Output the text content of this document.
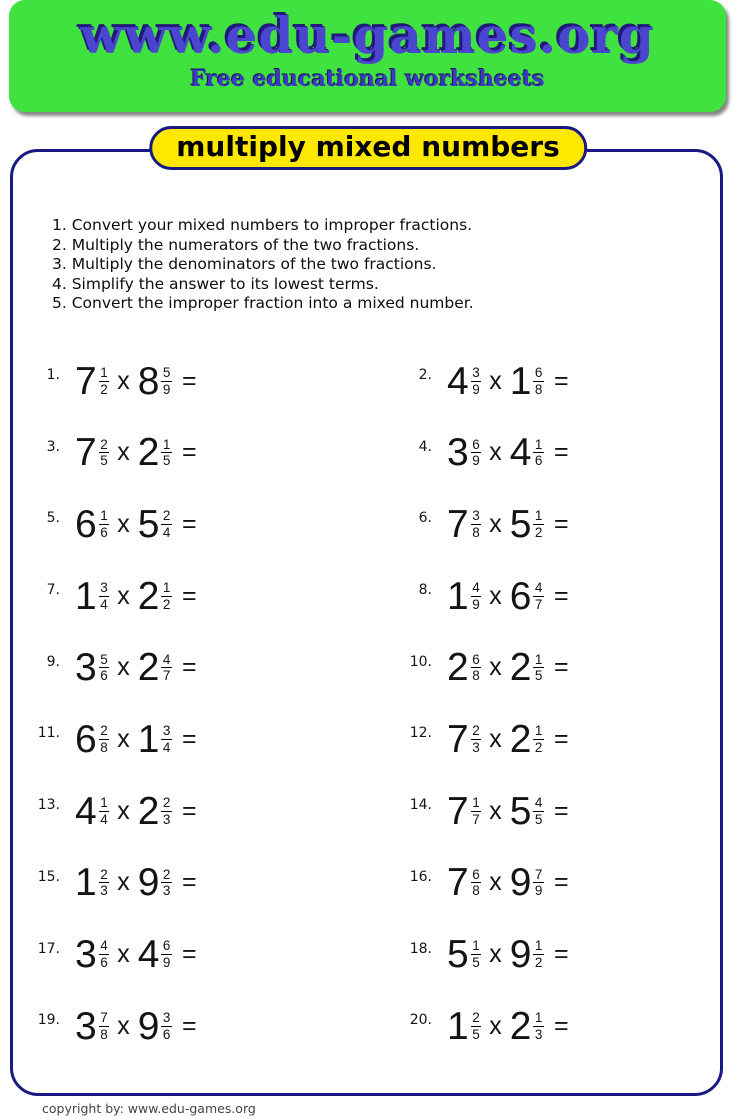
www.edu-games.org
Free educational worksheets
multiply mixed numbers
1. Convert your mixed numbers to improper fractions.
2. Multiply the numerators of the two fractions.
3. Multiply the denominators of the two fractions.
4. Simplify the answer to its lowest terms.
5. Convert the improper fraction into a mixed number.
1. $7 \frac{1}{2}$ x $8 \frac{5}{9}$ =	2. $4 \frac{3}{9}$ x $1 \frac{6}{8}$ =
3. $7 \frac{2}{5}$ x $2 \frac{1}{5}$ =	4. $3 \frac{6}{9}$ x $4 \frac{1}{6}$ =
5. $6 \frac{1}{6}$ x $5 \frac{2}{4}$ =	6. $7 \frac{3}{8}$ x $5 \frac{1}{2}$ =
7. $1 \frac{3}{4}$ x $2 \frac{1}{2}$ =	8. $1 \frac{4}{9}$ x $6 \frac{4}{7}$ =
9. $3 \frac{5}{6}$ x $2 \frac{4}{7}$ =	10. $2 \frac{6}{8}$ x $2 \frac{1}{5}$ =
11. $6 \frac{2}{8}$ x $1 \frac{3}{4}$ =	12. $7 \frac{2}{3}$ x $2 \frac{1}{2}$ =
13. $4 \frac{1}{4}$ x $2 \frac{2}{3}$ =	14. $7 \frac{1}{7}$ x $5 \frac{4}{5}$ =
15. $1 \frac{2}{3}$ x $9 \frac{2}{3}$ =	16. $7 \frac{6}{8}$ x $9 \frac{7}{9}$ =
17. $3 \frac{4}{6}$ x $4 \frac{6}{9}$ =	18. $5 \frac{1}{5}$ x $9 \frac{1}{2}$ =
19. $3 \frac{7}{8}$ x $9 \frac{3}{6}$ =	20. $1 \frac{2}{5}$ x $2 \frac{1}{3}$ =
copyright by: www.edu-games.org
